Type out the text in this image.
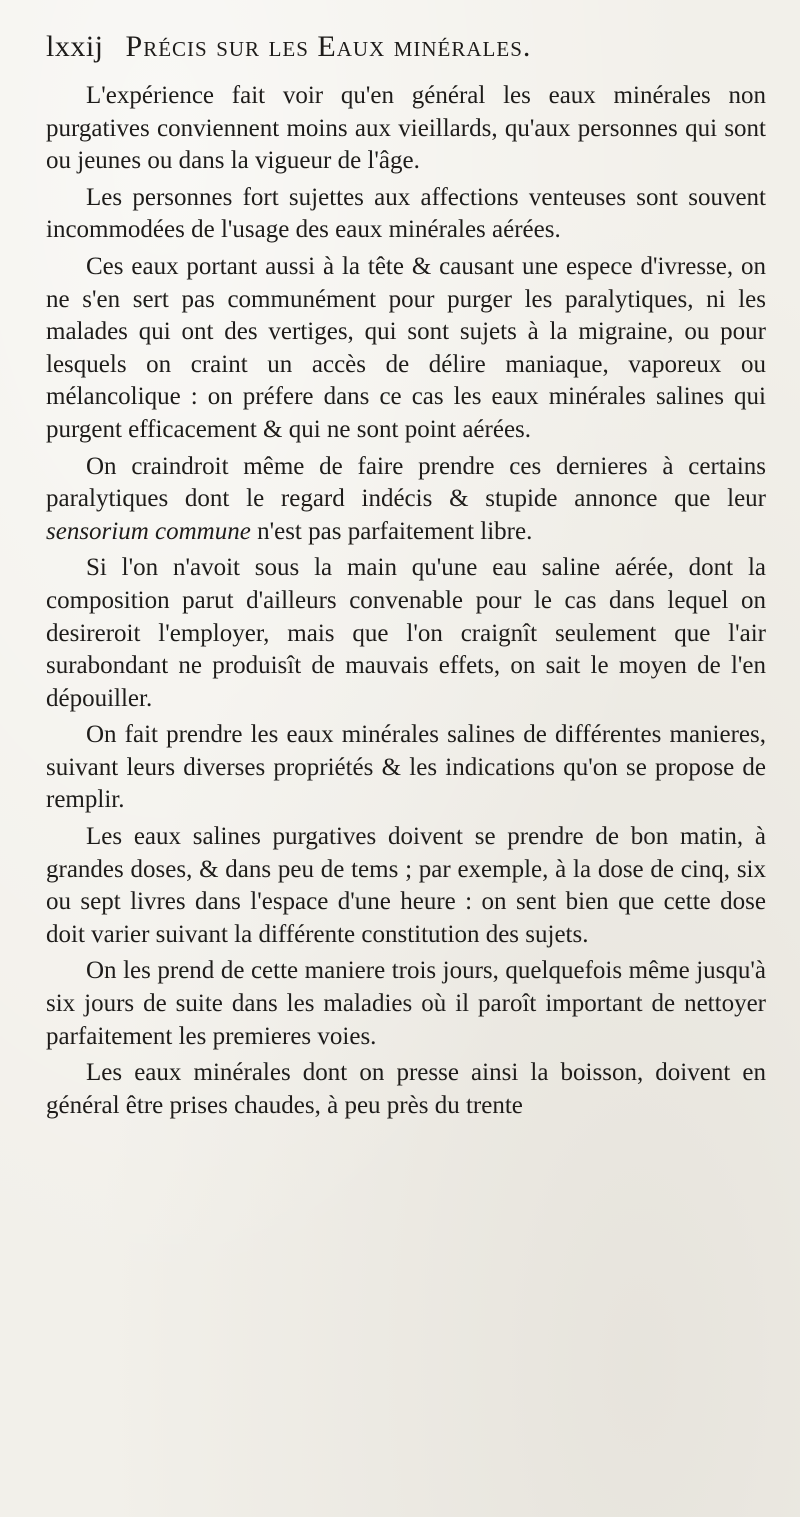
lxxij Précis sur les Eaux minérales.

L'expérience fait voir qu'en général les eaux minérales non purgatives conviennent moins aux vieillards, qu'aux personnes qui sont ou jeunes ou dans la vigueur de l'âge.

Les personnes fort sujettes aux affections venteuses sont souvent incommodées de l'usage des eaux minérales aérées.

Ces eaux portant aussi à la tête & causant une espece d'ivresse, on ne s'en sert pas communément pour purger les paralytiques, ni les malades qui ont des vertiges, qui sont sujets à la migraine, ou pour lesquels on craint un accès de délire maniaque, vaporeux ou mélancolique : on préfere dans ce cas les eaux minérales salines qui purgent efficacement & qui ne sont point aérées.

On craindroit même de faire prendre ces dernieres à certains paralytiques dont le regard indécis & stupide annonce que leur sensorium commune n'est pas parfaitement libre.

Si l'on n'avoit sous la main qu'une eau saline aérée, dont la composition parut d'ailleurs convenable pour le cas dans lequel on desireroit l'employer, mais que l'on craignît seulement que l'air surabondant ne produisît de mauvais effets, on sait le moyen de l'en dépouiller.

On fait prendre les eaux minérales salines de différentes manieres, suivant leurs diverses propriétés & les indications qu'on se propose de remplir.

Les eaux salines purgatives doivent se prendre de bon matin, à grandes doses, & dans peu de tems ; par exemple, à la dose de cinq, six ou sept livres dans l'espace d'une heure : on sent bien que cette dose doit varier suivant la différente constitution des sujets.

On les prend de cette maniere trois jours, quelquefois même jusqu'à six jours de suite dans les maladies où il paroît important de nettoyer parfaitement les premieres voies.

Les eaux minérales dont on presse ainsi la boisson, doivent en général être prises chaudes, à peu près du trente
